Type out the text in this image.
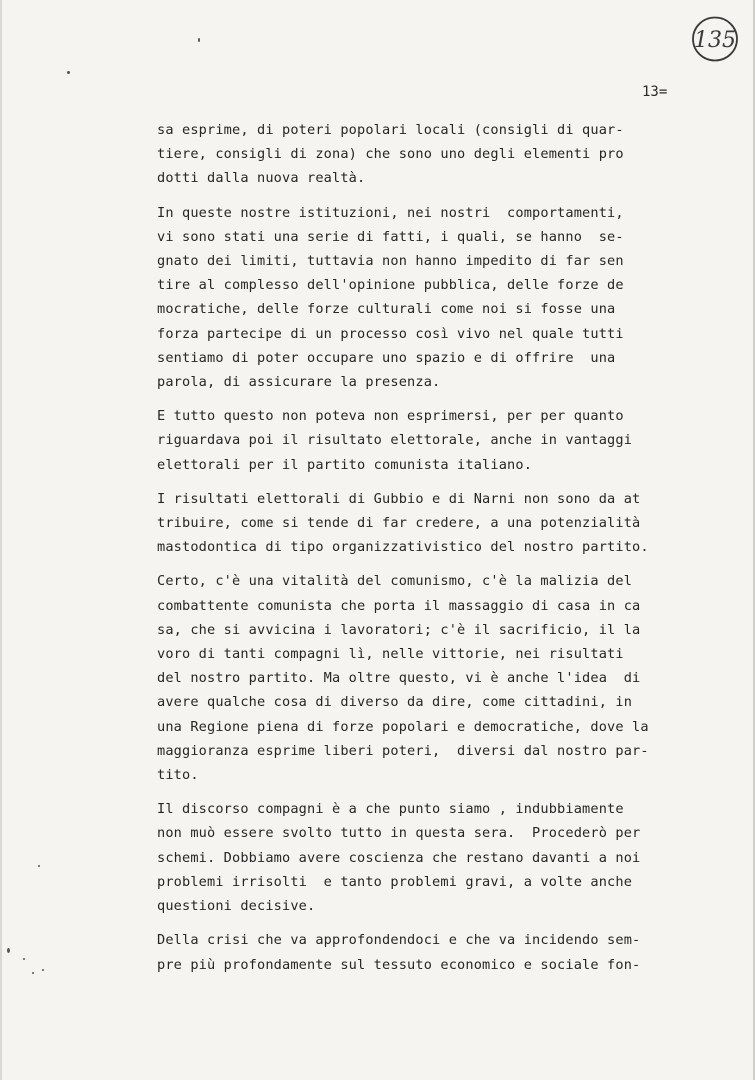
135
13=
sa esprime, di poteri popolari locali (consigli di quar-
tiere, consigli di zona) che sono uno degli elementi pro
dotti dalla nuova realtà.
In queste nostre istituzioni, nei nostri  comportamenti,
vi sono stati una serie di fatti, i quali, se hanno  se-
gnato dei limiti, tuttavia non hanno impedito di far sen
tire al complesso dell'opinione pubblica, delle forze de
mocratiche, delle forze culturali come noi si fosse una
forza partecipe di un processo così vivo nel quale tutti
sentiamo di poter occupare uno spazio e di offrire  una
parola, di assicurare la presenza.
E tutto questo non poteva non esprimersi, per per quanto
riguardava poi il risultato elettorale, anche in vantaggi
elettorali per il partito comunista italiano.
I risultati elettorali di Gubbio e di Narni non sono da at
tribuire, come si tende di far credere, a una potenzialità
mastodontica di tipo organizzativistico del nostro partito.
Certo, c'è una vitalità del comunismo, c'è la malizia del
combattente comunista che porta il massaggio di casa in ca
sa, che si avvicina i lavoratori; c'è il sacrificio, il la
voro di tanti compagni lì, nelle vittorie, nei risultati
del nostro partito. Ma oltre questo, vi è anche l'idea  di
avere qualche cosa di diverso da dire, come cittadini, in
una Regione piena di forze popolari e democratiche, dove la
maggioranza esprime liberi poteri,  diversi dal nostro par-
tito.
Il discorso compagni è a che punto siamo , indubbiamente
non muò essere svolto tutto in questa sera.  Procederò per
schemi. Dobbiamo avere coscienza che restano davanti a noi
problemi irrisolti  e tanto problemi gravi, a volte anche
questioni decisive.
Della crisi che va approfondendoci e che va incidendo sem-
pre più profondamente sul tessuto economico e sociale fon-
